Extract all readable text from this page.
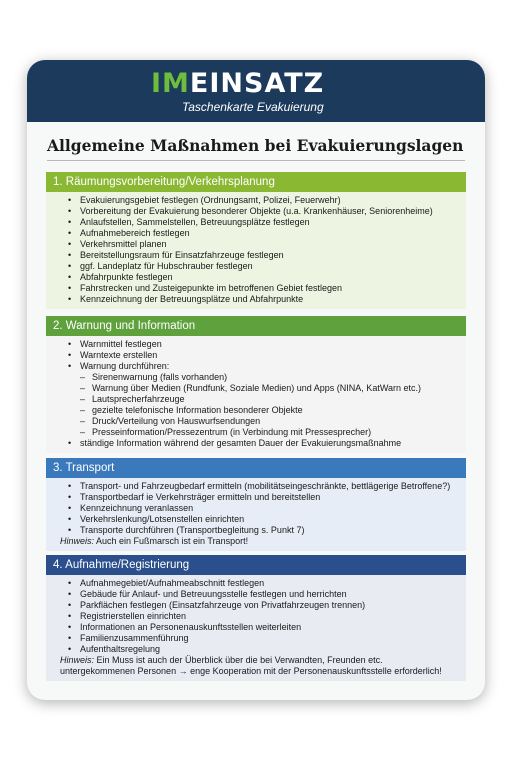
IMEINSATZ
Taschenkarte Evakuierung
Allgemeine Maßnahmen bei Evakuierungslagen
1. Räumungsvorbereitung/Verkehrsplanung
• Evakuierungsgebiet festlegen (Ordnungsamt, Polizei, Feuerwehr)
• Vorbereitung der Evakuierung besonderer Objekte (u.a. Krankenhäuser, Seniorenheime)
• Anlaufstellen, Sammelstellen, Betreuungsplätze festlegen
• Aufnahmebereich festlegen
• Verkehrsmittel planen
• Bereitstellungsraum für Einsatzfahrzeuge festlegen
• ggf. Landeplatz für Hubschrauber festlegen
• Abfahrpunkte festlegen
• Fahrstrecken und Zusteigepunkte im betroffenen Gebiet festlegen
• Kennzeichnung der Betreuungsplätze und Abfahrpunkte
2. Warnung und Information
• Warnmittel festlegen
• Warntexte erstellen
• Warnung durchführen:
– Sirenenwarnung (falls vorhanden)
– Warnung über Medien (Rundfunk, Soziale Medien) und Apps (NINA, KatWarn etc.)
– Lautsprecherfahrzeuge
– gezielte telefonische Information besonderer Objekte
– Druck/Verteilung von Hauswurfsendungen
– Presseinformation/Pressezentrum (in Verbindung mit Pressesprecher)
• ständige Information während der gesamten Dauer der Evakuierungsmaßnahme
3. Transport
• Transport- und Fahrzeugbedarf ermitteln (mobilitätseingeschränkte, bettlägerige Betroffene?)
• Transportbedarf ie Verkehrsträger ermitteln und bereitstellen
• Kennzeichnung veranlassen
• Verkehrslenkung/Lotsenstellen einrichten
• Transporte durchführen (Transportbegleitung s. Punkt 7)
Hinweis: Auch ein Fußmarsch ist ein Transport!
4. Aufnahme/Registrierung
• Aufnahmegebiet/Aufnahmeabschnitt festlegen
• Gebäude für Anlauf- und Betreuungsstelle festlegen und herrichten
• Parkflächen festlegen (Einsatzfahrzeuge von Privatfahrzeugen trennen)
• Registrierstellen einrichten
• Informationen an Personenauskunftsstellen weiterleiten
• Familienzusammenführung
• Aufenthaltsregelung
Hinweis: Ein Muss ist auch der Überblick über die bei Verwandten, Freunden etc.
untergekommenen Personen → enge Kooperation mit der Personenauskunftsstelle erforderlich!
